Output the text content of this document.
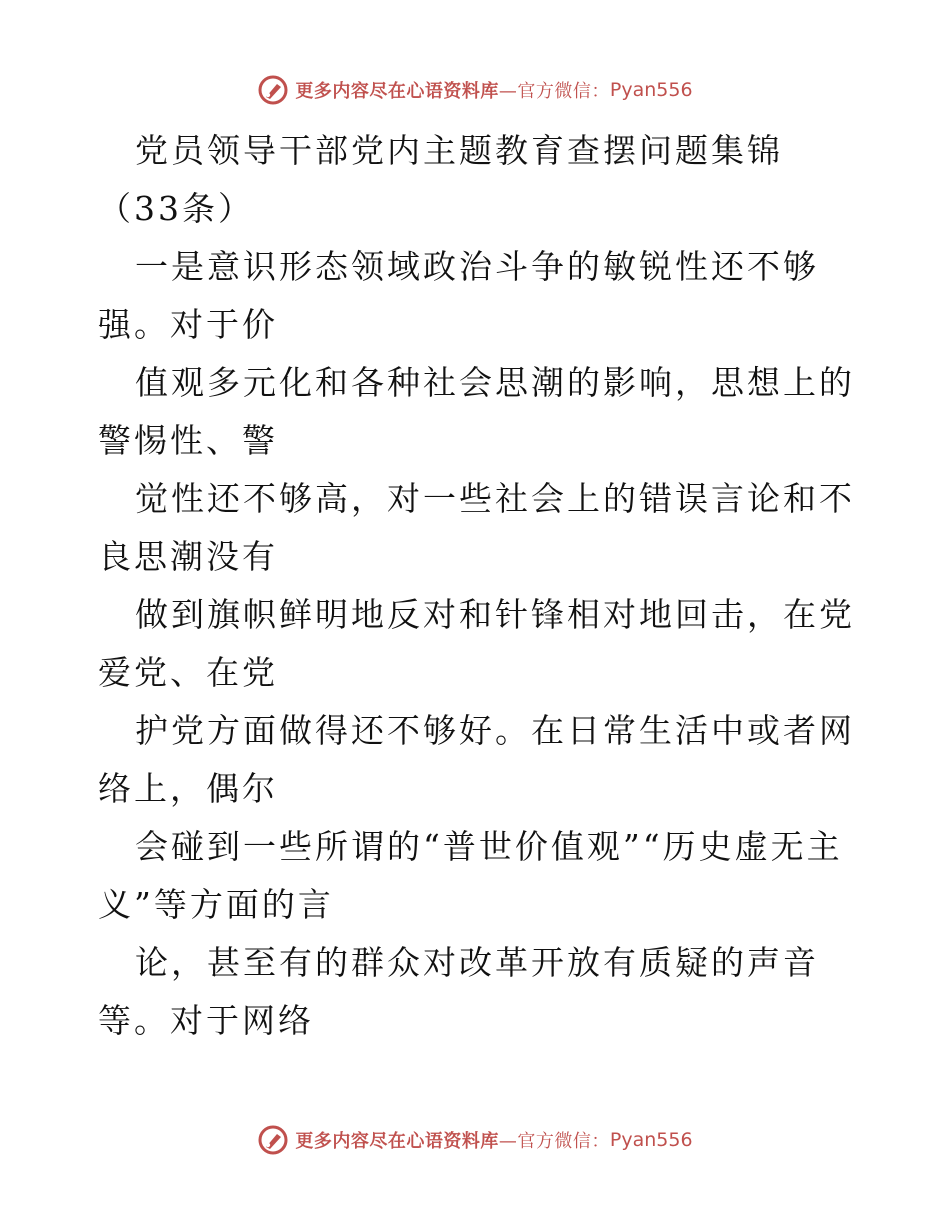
更多内容尽在心语资料库 —官方微信： Pyan556

党员领导干部党内主题教育查摆问题集锦（33条）

一是意识形态领域政治斗争的敏锐性还不够强。对于价

值观多元化和各种社会思潮的影响，思想上的警惕性、警

觉性还不够高，对一些社会上的错误言论和不良思潮没有

做到旗帜鲜明地反对和针锋相对地回击，在党爱党、在党

护党方面做得还不够好。在日常生活中或者网络上，偶尔

会碰到一些所谓的“普世价值观”“历史虚无主义”等方面的言

论，甚至有的群众对改革开放有质疑的声音等。对于网络

更多内容尽在心语资料库 —官方微信： Pyan556
